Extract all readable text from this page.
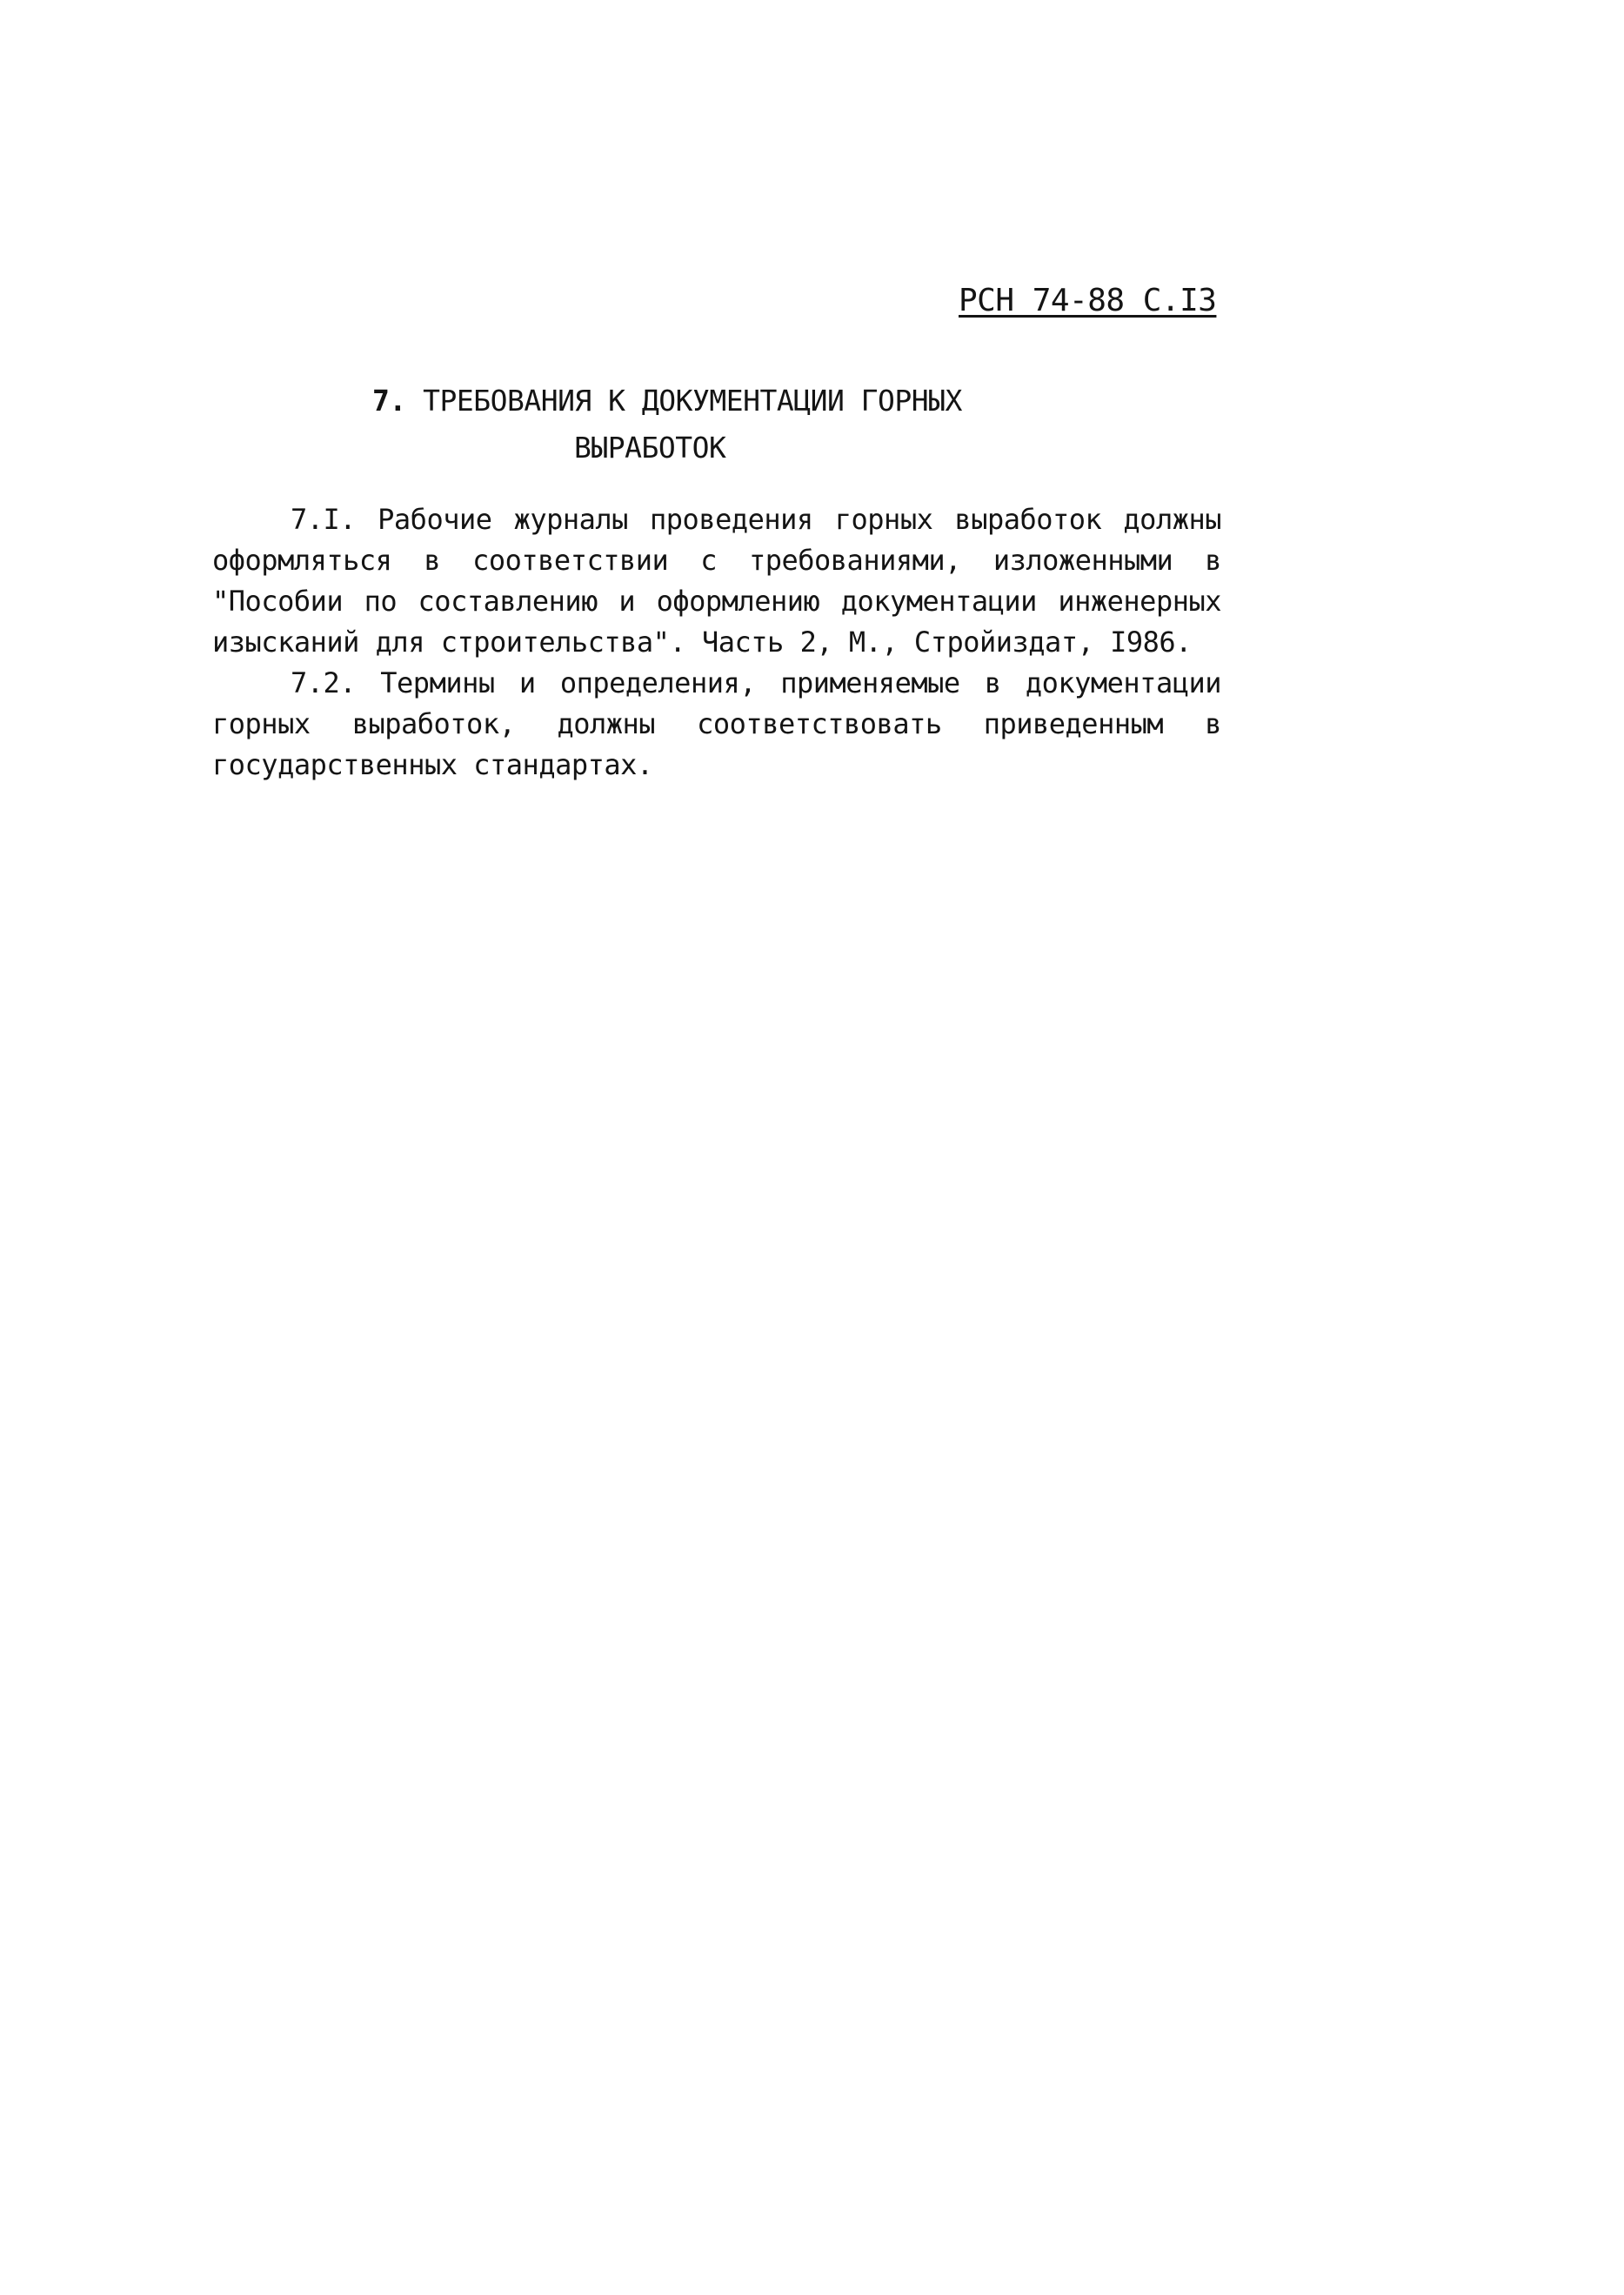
РСН 74-88 С.I3
7. ТРЕБОВАНИЯ К ДОКУМЕНТАЦИИ ГОРНЫХ
ВЫРАБОТОК

7.I. Рабочие журналы проведения горных выработок должны оформляться в соответствии с требованиями, изложенными в "Пособии по составлению и оформлению документации инженерных изысканий для строительства". Часть 2, М., Стройиздат, I986.

7.2. Термины и определения, применяемые в документации горных выработок, должны соответствовать приведенным в государственных стандартах.
